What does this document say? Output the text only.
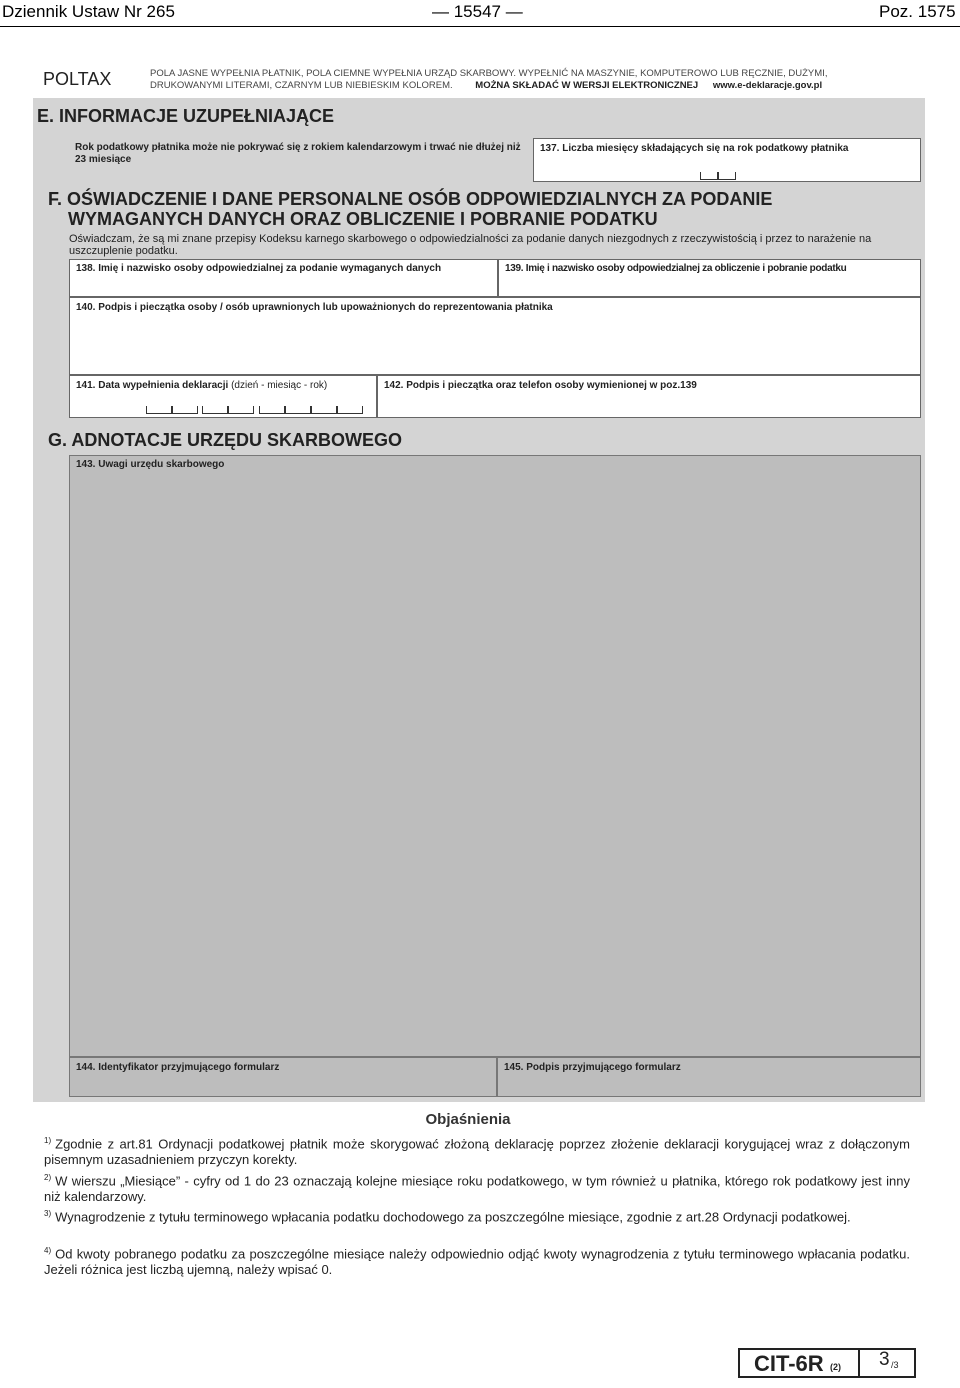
Dziennik Ustaw Nr 265	— 15547 —	Poz. 1575
POLTAX	POLA JASNE WYPEŁNIA PŁATNIK, POLA CIEMNE WYPEŁNIA URZĄD SKARBOWY. WYPEŁNIĆ NA MASZYNIE, KOMPUTEROWO LUB RĘCZNIE, DUŻYMI,
DRUKOWANYMI LITERAMI, CZARNYM LUB NIEBIESKIM KOLOREM. MOŻNA SKŁADAĆ W WERSJI ELEKTRONICZNEJ www.e-deklaracje.gov.pl
E. INFORMACJE UZUPEŁNIAJĄCE
Rok podatkowy płatnika może nie pokrywać się z rokiem kalendarzowym i trwać nie dłużej niż 23 miesiące
137. Liczba miesięcy składających się na rok podatkowy płatnika
F. OŚWIADCZENIE I DANE PERSONALNE OSÓB ODPOWIEDZIALNYCH ZA PODANIE
WYMAGANYCH DANYCH ORAZ OBLICZENIE I POBRANIE PODATKU
Oświadczam, że są mi znane przepisy Kodeksu karnego skarbowego o odpowiedzialności za podanie danych niezgodnych z rzeczywistością i przez to narażenie na uszczuplenie podatku.
138. Imię i nazwisko osoby odpowiedzialnej za podanie wymaganych danych	139. Imię i nazwisko osoby odpowiedzialnej za obliczenie i pobranie podatku
140. Podpis i pieczątka osoby / osób uprawnionych lub upoważnionych do reprezentowania płatnika
141. Data wypełnienia deklaracji (dzień - miesiąc - rok)	142. Podpis i pieczątka oraz telefon osoby wymienionej w poz.139
G. ADNOTACJE URZĘDU SKARBOWEGO
143. Uwagi urzędu skarbowego
144. Identyfikator przyjmującego formularz	145. Podpis przyjmującego formularz
Objaśnienia
$^{1)}$ Zgodnie z art.81 Ordynacji podatkowej płatnik może skorygować złożoną deklarację poprzez złożenie deklaracji korygującej wraz z dołączonym pisemnym uzasadnieniem przyczyn korekty.
$^{2)}$ W wierszu „Miesiące” - cyfry od 1 do 23 oznaczają kolejne miesiące roku podatkowego, w tym również u płatnika, którego rok podatkowy jest inny niż kalendarzowy.
$^{3)}$ Wynagrodzenie z tytułu terminowego wpłacania podatku dochodowego za poszczególne miesiące, zgodnie z art.28 Ordynacji podatkowej.
$^{4)}$ Od kwoty pobranego podatku za poszczególne miesiące należy odpowiednio odjąć kwoty wynagrodzenia z tytułu terminowego wpłacania podatku. Jeżeli różnica jest liczbą ujemną, należy wpisać 0.
CIT-6R (2) 3 /3
